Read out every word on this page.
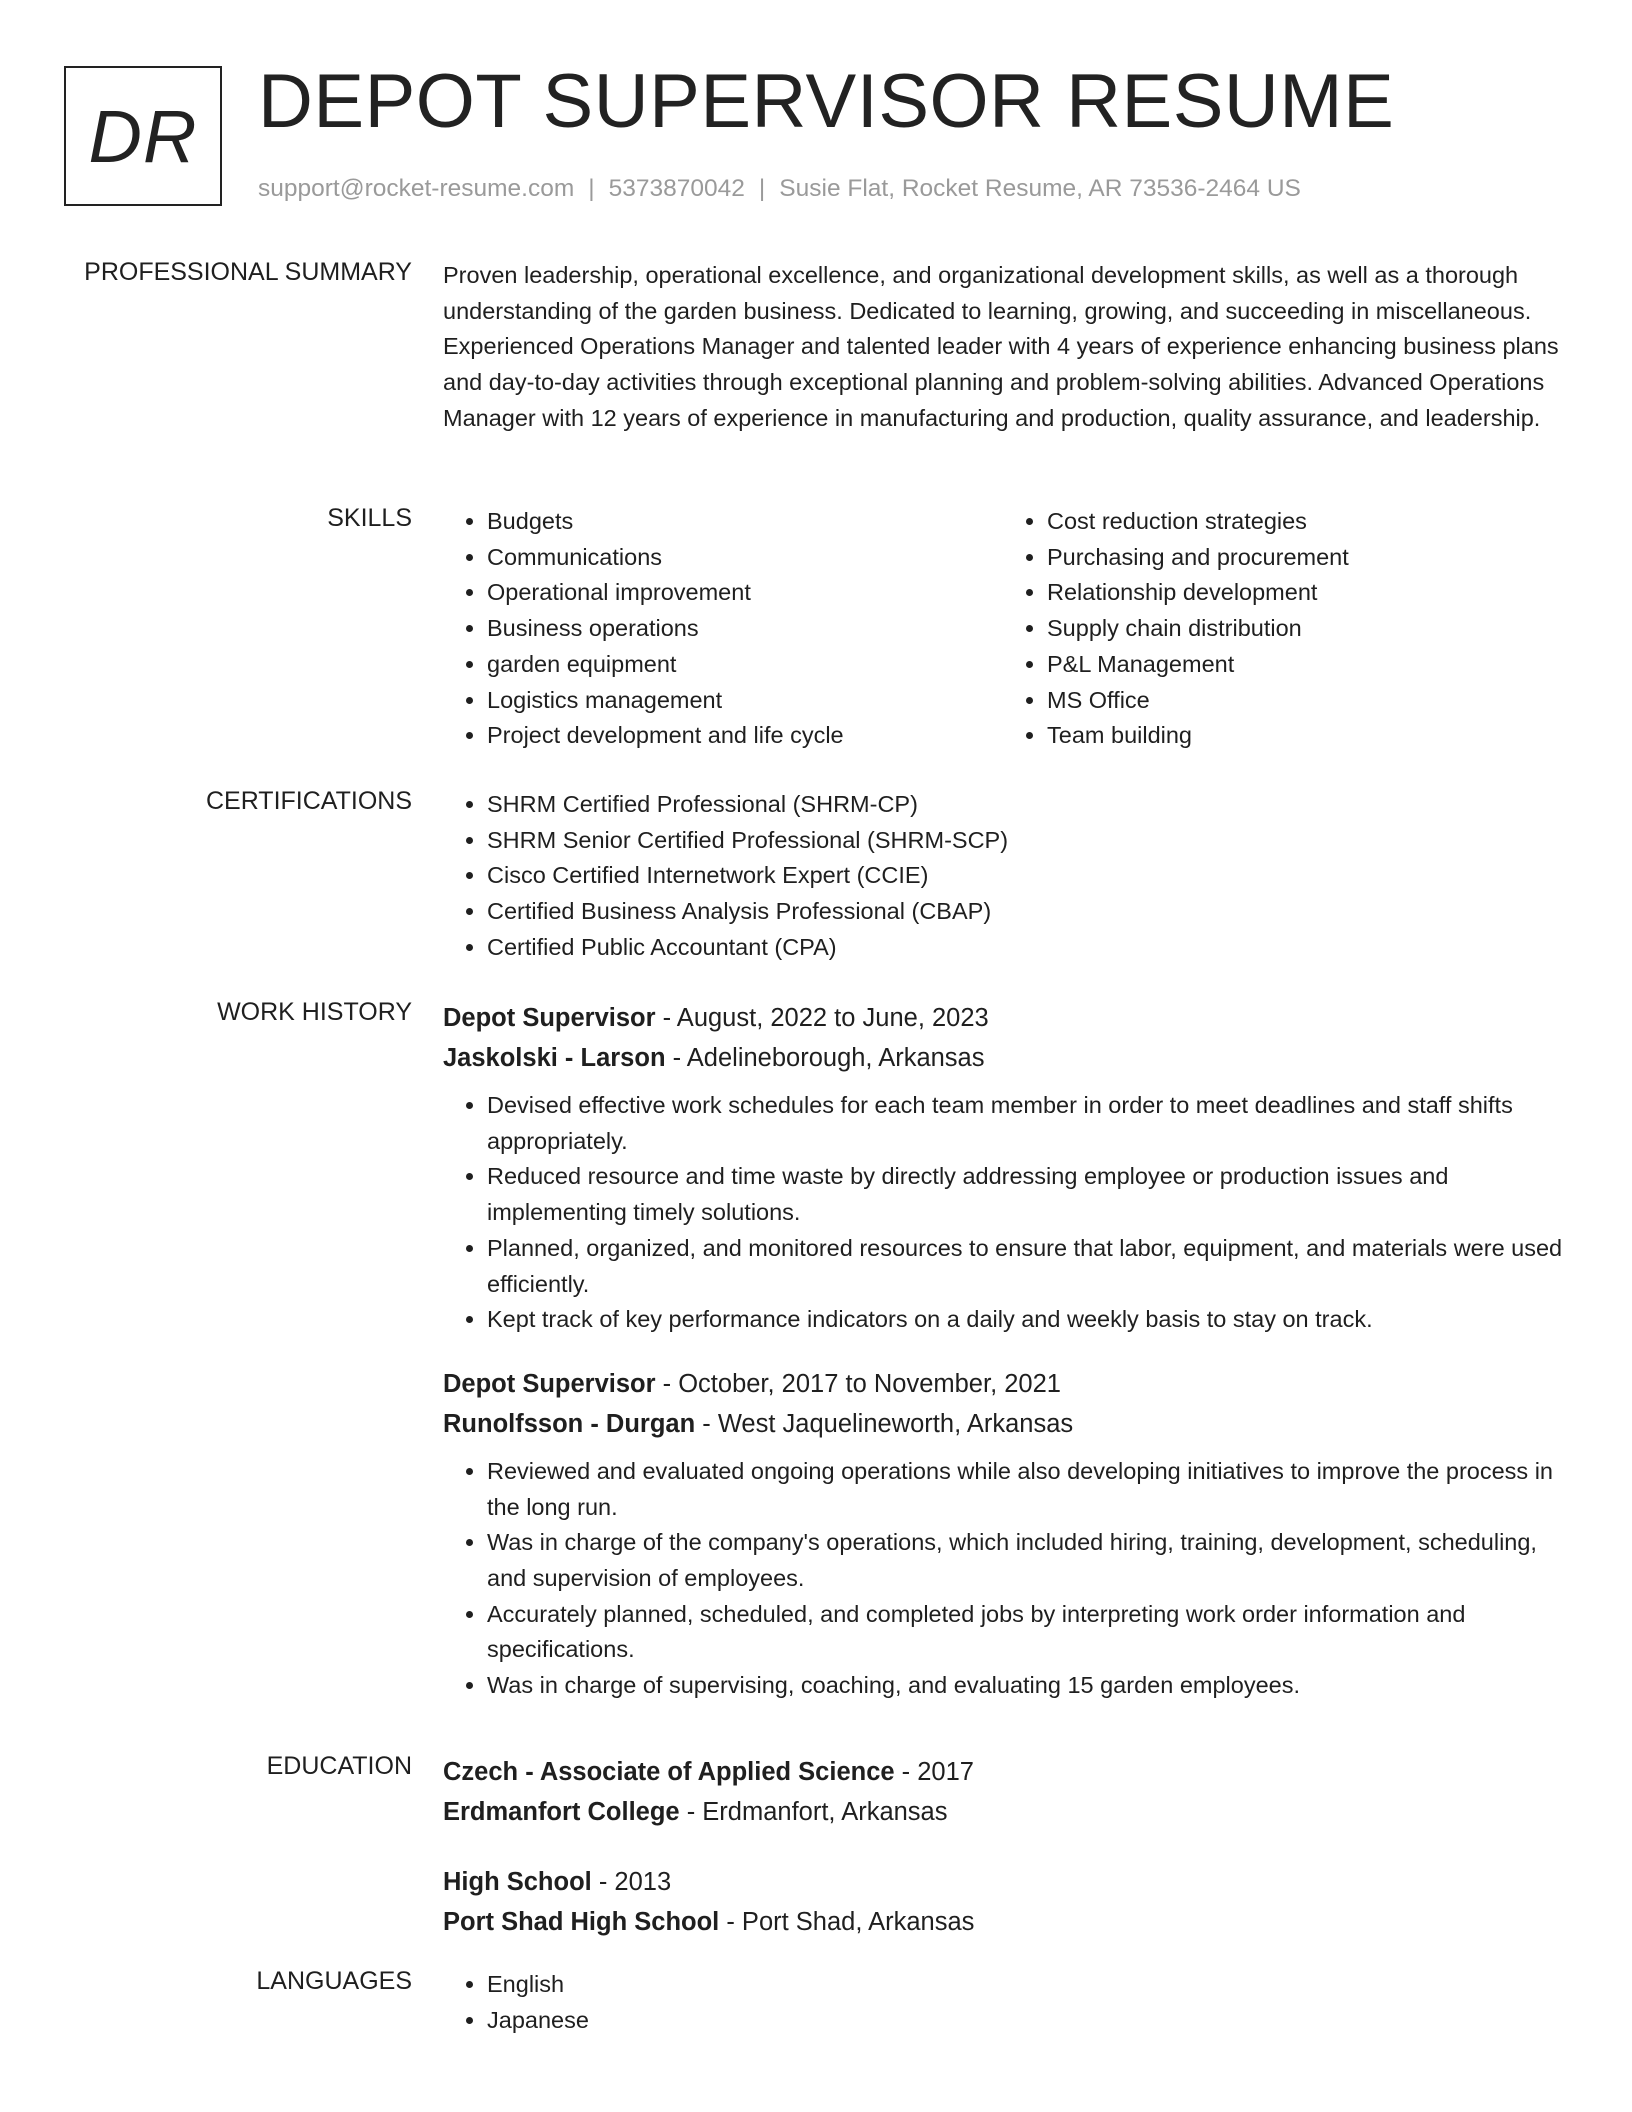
DR DEPOT SUPERVISOR RESUME
support@rocket-resume.com | 5373870042 | Susie Flat, Rocket Resume, AR 73536-2464 US
PROFESSIONAL SUMMARY Proven leadership, operational excellence, and organizational development skills, as well as a thorough understanding of the garden business. Dedicated to learning, growing, and succeeding in miscellaneous. Experienced Operations Manager and talented leader with 4 years of experience enhancing business plans and day-to-day activities through exceptional planning and problem-solving abilities. Advanced Operations Manager with 12 years of experience in manufacturing and production, quality assurance, and leadership.

SKILLS	• Budgets
• Communications
• Operational improvement
• Business operations
• garden equipment
• Logistics management
• Project development and life cycle
• Cost reduction strategies
• Purchasing and procurement
• Relationship development
• Supply chain distribution
• P&L Management
• MS Office
• Team building
CERTIFICATIONS	• SHRM Certified Professional (SHRM-CP)
• SHRM Senior Certified Professional (SHRM-SCP)
• Cisco Certified Internetwork Expert (CCIE)
• Certified Business Analysis Professional (CBAP)
• Certified Public Accountant (CPA)
WORK HISTORY Depot Supervisor - August, 2022 to June, 2023
Jaskolski - Larson - Adelineborough, Arkansas
• Devised effective work schedules for each team member in order to meet deadlines and staff shifts appropriately.
• Reduced resource and time waste by directly addressing employee or production issues and implementing timely solutions.
• Planned, organized, and monitored resources to ensure that labor, equipment, and materials were used efficiently.
• Kept track of key performance indicators on a daily and weekly basis to stay on track.
Depot Supervisor - October, 2017 to November, 2021
Runolfsson - Durgan - West Jaquelineworth, Arkansas
• Reviewed and evaluated ongoing operations while also developing initiatives to improve the process in the long run.
• Was in charge of the company's operations, which included hiring, training, development, scheduling, and supervision of employees.
• Accurately planned, scheduled, and completed jobs by interpreting work order information and specifications.
• Was in charge of supervising, coaching, and evaluating 15 garden employees.
EDUCATION Czech - Associate of Applied Science - 2017
Erdmanfort College - Erdmanfort, Arkansas
High School - 2013
Port Shad High School - Port Shad, Arkansas
LANGUAGES	• English
• Japanese
